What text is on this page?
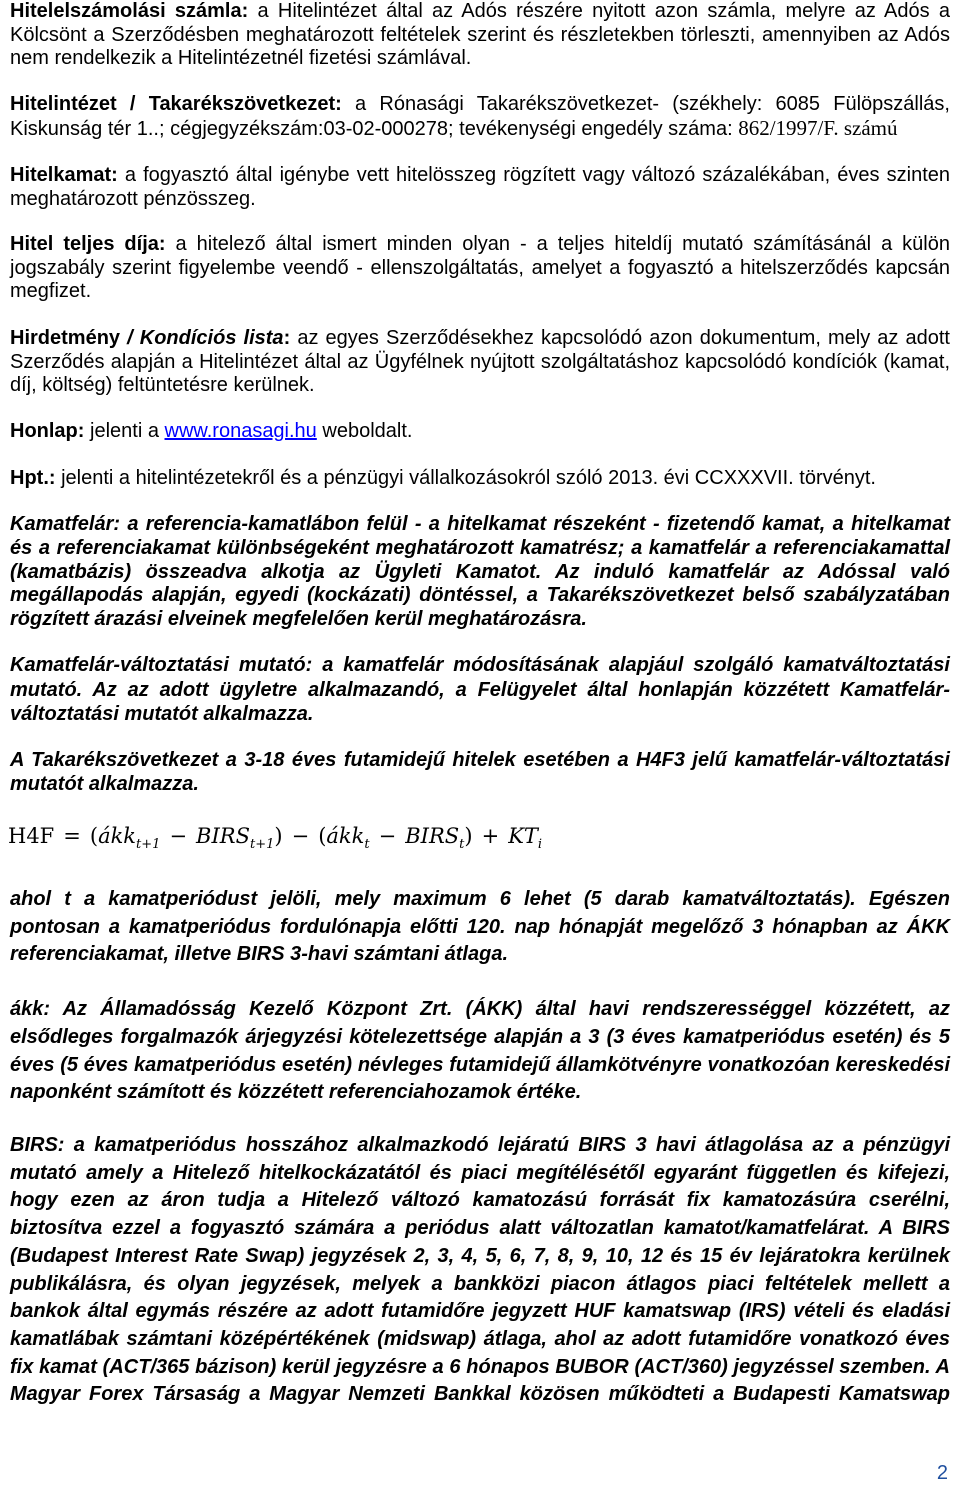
Hitelelszámolási számla: a Hitelintézet által az Adós részére nyitott azon számla, melyre az Adós a Kölcsönt a Szerződésben meghatározott feltételek szerint és részletekben törleszti, amennyiben az Adós nem rendelkezik a Hitelintézetnél fizetési számlával.

Hitelintézet / Takarékszövetkezet: a Rónasági Takarékszövetkezet- (székhely: 6085 Fülöpszállás, Kiskunság tér 1..; cégjegyzékszám:03-02-000278; tevékenységi engedély száma: 862/1997/F. számú

Hitelkamat: a fogyasztó által igénybe vett hitelösszeg rögzített vagy változó százalékában, éves szinten meghatározott pénzösszeg.

Hitel teljes díja: a hitelező által ismert minden olyan - a teljes hiteldíj mutató számításánál a külön jogszabály szerint figyelembe veendő - ellenszolgáltatás, amelyet a fogyasztó a hitelszerződés kapcsán megfizet.

Hirdetmény / Kondíciós lista: az egyes Szerződésekhez kapcsolódó azon dokumentum, mely az adott Szerződés alapján a Hitelintézet által az Ügyfélnek nyújtott szolgáltatáshoz kapcsolódó kondíciók (kamat, díj, költség) feltüntetésre kerülnek.

Honlap: jelenti a www.ronasagi.hu weboldalt.

Hpt.: jelenti a hitelintézetekről és a pénzügyi vállalkozásokról szóló 2013. évi CCXXXVII. törvényt.

Kamatfelár: a referencia-kamatlábon felül - a hitelkamat részeként - fizetendő kamat, a hitelkamat és a referenciakamat különbségeként meghatározott kamatrész; a kamatfelár a referenciakamattal (kamatbázis) összeadva alkotja az Ügyleti Kamatot. Az induló kamatfelár az Adóssal való megállapodás alapján, egyedi (kockázati) döntéssel, a Takarékszövetkezet belső szabályzatában rögzített árazási elveinek megfelelően kerül meghatározásra.

Kamatfelár-változtatási mutató: a kamatfelár módosításának alapjául szolgáló kamatváltoztatási mutató. Az az adott ügyletre alkalmazandó, a Felügyelet által honlapján közzétett Kamatfelár-változtatási mutatót alkalmazza.

A Takarékszövetkezet a 3-18 éves futamidejű hitelek esetében a H4F3 jelű kamatfelár-változtatási mutatót alkalmazza.

H4F = (ákk$_{t+1}$ − $BIRS_{t+1}$) − (ákk$_t$ − $BIRS_t) + KT_i$

ahol t a kamatperiódust jelöli, mely maximum 6 lehet (5 darab kamatváltoztatás). Egészen pontosan a kamatperiódus fordulónapja előtti 120. nap hónapját megelőző 3 hónapban az ÁKK referenciakamat, illetve BIRS 3-havi számtani átlaga.

ákk: Az Államadósság Kezelő Központ Zrt. (ÁKK) által havi rendszerességgel közzétett, az elsődleges forgalmazók árjegyzési kötelezettsége alapján a 3 (3 éves kamatperiódus esetén) és 5 éves (5 éves kamatperiódus esetén) névleges futamidejű államkötvényre vonatkozóan kereskedési naponként számított és közzétett referenciahozamok értéke.

BIRS: a kamatperiódus hosszához alkalmazkodó lejáratú BIRS 3 havi átlagolása az a pénzügyi mutató amely a Hitelező hitelkockázatától és piaci megítélésétől egyaránt független és kifejezi, hogy ezen az áron tudja a Hitelező változó kamatozású forrását fix kamatozásúra cserélni, biztosítva ezzel a fogyasztó számára a periódus alatt változatlan kamatot/kamatfelárat. A BIRS (Budapest Interest Rate Swap) jegyzések 2, 3, 4, 5, 6, 7, 8, 9, 10, 12 és 15 év lejáratokra kerülnek publikálásra, és olyan jegyzések, melyek a bankközi piacon átlagos piaci feltételek mellett a bankok által egymás részére az adott futamidőre jegyzett HUF kamatswap (IRS) vételi és eladási kamatlábak számtani középértékének (midswap) átlaga, ahol az adott futamidőre vonatkozó éves fix kamat (ACT/365 bázison) kerül jegyzésre a 6 hónapos BUBOR (ACT/360) jegyzéssel szemben. A Magyar Forex Társaság a Magyar Nemzeti Bankkal közösen működteti a Budapesti Kamatswap

2
